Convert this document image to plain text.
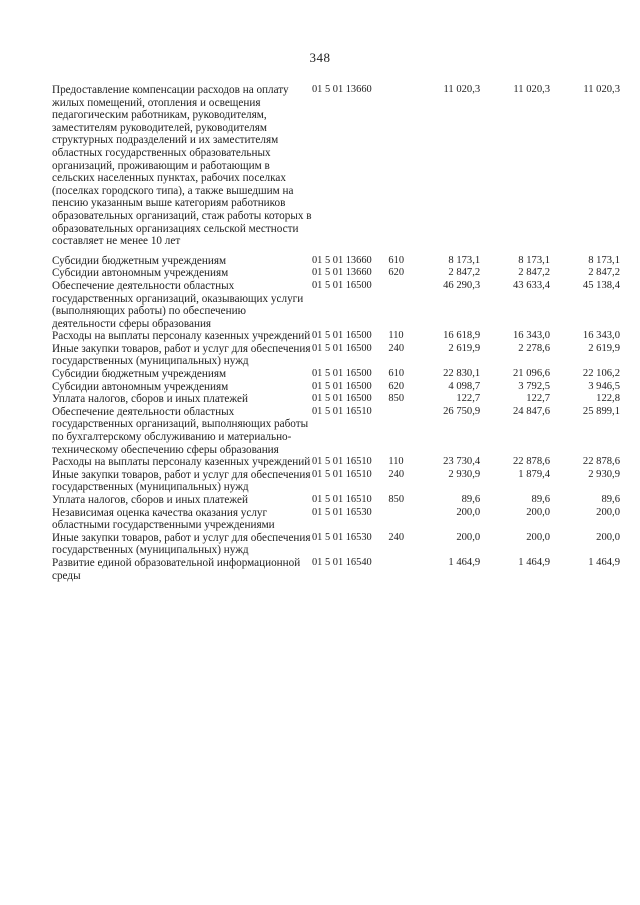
348
Предоставление компенсации расходов на оплату жилых помещений, отопления и освещения педагогическим работникам, руководителям, заместителям руководителей, руководителям структурных подразделений и их заместителям областных государственных образовательных организаций, проживающим и работающим в сельских населенных пунктах, рабочих поселках (поселках городского типа), а также вышедшим на пенсию указанным выше категориям работников образовательных организаций, стаж работы которых в образовательных организациях сельской местности составляет не менее 10 лет	01 5 01 13660		11 020,3	11 020,3	11 020,3
Субсидии бюджетным учреждениям	01 5 01 13660	610	8 173,1	8 173,1	8 173,1
Субсидии автономным учреждениям	01 5 01 13660	620	2 847,2	2 847,2	2 847,2
Обеспечение деятельности областных государственных организаций, оказывающих услуги (выполняющих работы) по обеспечению деятельности сферы образования	01 5 01 16500		46 290,3	43 633,4	45 138,4
Расходы на выплаты персоналу казенных учреждений	01 5 01 16500	110	16 618,9	16 343,0	16 343,0
Иные закупки товаров, работ и услуг для обеспечения государственных (муниципальных) нужд	01 5 01 16500	240	2 619,9	2 278,6	2 619,9
Субсидии бюджетным учреждениям	01 5 01 16500	610	22 830,1	21 096,6	22 106,2
Субсидии автономным учреждениям	01 5 01 16500	620	4 098,7	3 792,5	3 946,5
Уплата налогов, сборов и иных платежей	01 5 01 16500	850	122,7	122,7	122,8
Обеспечение деятельности областных государственных организаций, выполняющих работы по бухгалтерскому обслуживанию и материально-техническому обеспечению сферы образования	01 5 01 16510		26 750,9	24 847,6	25 899,1
Расходы на выплаты персоналу казенных учреждений	01 5 01 16510	110	23 730,4	22 878,6	22 878,6
Иные закупки товаров, работ и услуг для обеспечения государственных (муниципальных) нужд	01 5 01 16510	240	2 930,9	1 879,4	2 930,9
Уплата налогов, сборов и иных платежей	01 5 01 16510	850	89,6	89,6	89,6
Независимая оценка качества оказания услуг областными государственными учреждениями	01 5 01 16530		200,0	200,0	200,0
Иные закупки товаров, работ и услуг для обеспечения государственных (муниципальных) нужд	01 5 01 16530	240	200,0	200,0	200,0
Развитие единой образовательной информационной среды	01 5 01 16540		1 464,9	1 464,9	1 464,9
